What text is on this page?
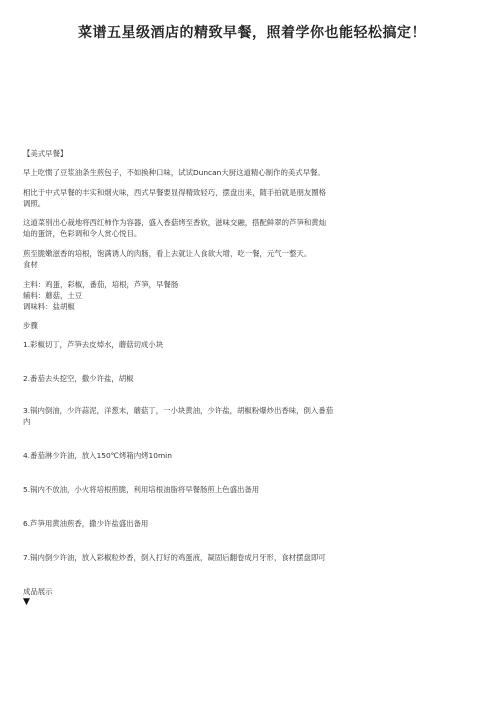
菜谱五星级酒店的精致早餐，照着学你也能轻松搞定！
【美式早餐】
早上吃惯了豆浆油条生煎包子，不如换种口味，试试Duncan大厨这道精心制作的美式早餐。
相比于中式早餐的丰实和烟火味，西式早餐要显得精致轻巧，摆盘出来，随手拍就是朋友圈格
调照。
这道菜别出心裁地将西红柿作为容器，盛入香菇烤至香软，滋味交融，搭配鲜翠的芦笋和黄灿
灿的蛋饼，色彩调和令人赏心悦目。
煎至脆嫩滋香的培根，饱满诱人的肉肠，看上去就让人食欲大增，吃一餐，元气一整天。
食材
主料：鸡蛋，彩椒，番茄，培根，芦笋，早餐肠
辅料：蘑菇，土豆
调味料：盐胡椒
步骤
1.彩椒切丁，芦笋去皮焯水，蘑菇切成小块
2.番茄去头挖空，撒少许盐，胡椒
3.锅内倒油，少许蒜泥，洋葱末，蘑菇丁，一小块黄油，少许盐，胡椒粉爆炒出香味，倒入番茄
内
4.番茄淋少许油，放入150℃烤箱内烤10min
5.锅内不放油，小火将培根煎脆，利用培根油脂将早餐肠煎上色盛出备用
6.芦笋用黄油煎香，撒少许盐盛出备用
7.锅内倒少许油，放入彩椒粒炒香，倒入打好的鸡蛋液，凝固后翻卷成月牙形，食材摆盘即可
成品展示
▼
